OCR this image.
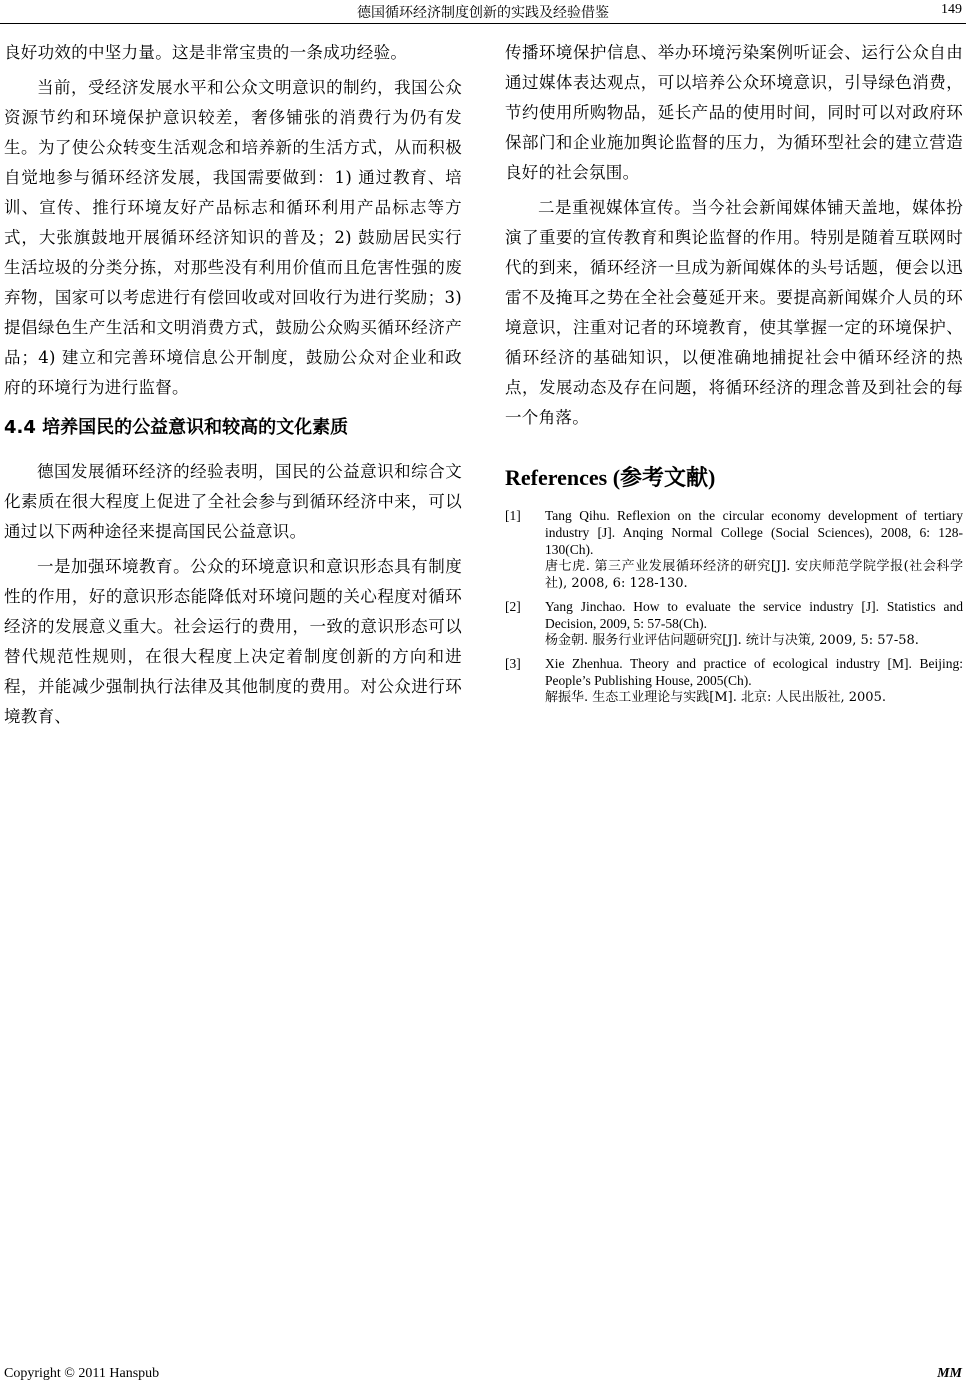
德国循环经济制度创新的实践及经验借鉴	149

良好功效的中坚力量。这是非常宝贵的一条成功经验。

当前，受经济发展水平和公众文明意识的制约，我国公众资源节约和环境保护意识较差，奢侈铺张的消费行为仍有发生。为了使公众转变生活观念和培养新的生活方式，从而积极自觉地参与循环经济发展，我国需要做到：1) 通过教育、培训、宣传、推行环境友好产品标志和循环利用产品标志等方式，大张旗鼓地开展循环经济知识的普及；2) 鼓励居民实行生活垃圾的分类分拣，对那些没有利用价值而且危害性强的废弃物，国家可以考虑进行有偿回收或对回收行为进行奖励；3) 提倡绿色生产生活和文明消费方式，鼓励公众购买循环经济产品；4) 建立和完善环境信息公开制度，鼓励公众对企业和政府的环境行为进行监督。

4.4 培养国民的公益意识和较高的文化素质

德国发展循环经济的经验表明，国民的公益意识和综合文化素质在很大程度上促进了全社会参与到循环经济中来，可以通过以下两种途径来提高国民公益意识。

一是加强环境教育。公众的环境意识和意识形态具有制度性的作用，好的意识形态能降低对环境问题的关心程度对循环经济的发展意义重大。社会运行的费用，一致的意识形态可以替代规范性规则，在很大程度上决定着制度创新的方向和进程，并能减少强制执行法律及其他制度的费用。对公众进行环境教育、

传播环境保护信息、举办环境污染案例听证会、运行公众自由通过媒体表达观点，可以培养公众环境意识，引导绿色消费，节约使用所购物品，延长产品的使用时间，同时可以对政府环保部门和企业施加舆论监督的压力，为循环型社会的建立营造良好的社会氛围。

二是重视媒体宣传。当今社会新闻媒体铺天盖地，媒体扮演了重要的宣传教育和舆论监督的作用。特别是随着互联网时代的到来，循环经济一旦成为新闻媒体的头号话题，便会以迅雷不及掩耳之势在全社会蔓延开来。要提高新闻媒介人员的环境意识，注重对记者的环境教育，使其掌握一定的环境保护、循环经济的基础知识，以便准确地捕捉社会中循环经济的热点，发展动态及存在问题，将循环经济的理念普及到社会的每一个角落。

References (参考文献)
[1] Tang Qihu. Reflexion on the circular economy development of tertiary industry [J]. Anqing Normal College (Social Sciences), 2008, 6: 128-130(Ch).
唐七虎. 第三产业发展循环经济的研究[J]. 安庆师范学院学报(社会科学社), 2008, 6: 128-130.
[2] Yang Jinchao. How to evaluate the service industry [J]. Statistics and Decision, 2009, 5: 57-58(Ch).
杨金朝. 服务行业评估问题研究[J]. 统计与决策, 2009, 5: 57-58.
[3] Xie Zhenhua. Theory and practice of ecological industry [M]. Beijing: People’s Publishing House, 2005(Ch).
解振华. 生态工业理论与实践[M]. 北京: 人民出版社, 2005.
Copyright © 2011 Hanspub	MM
